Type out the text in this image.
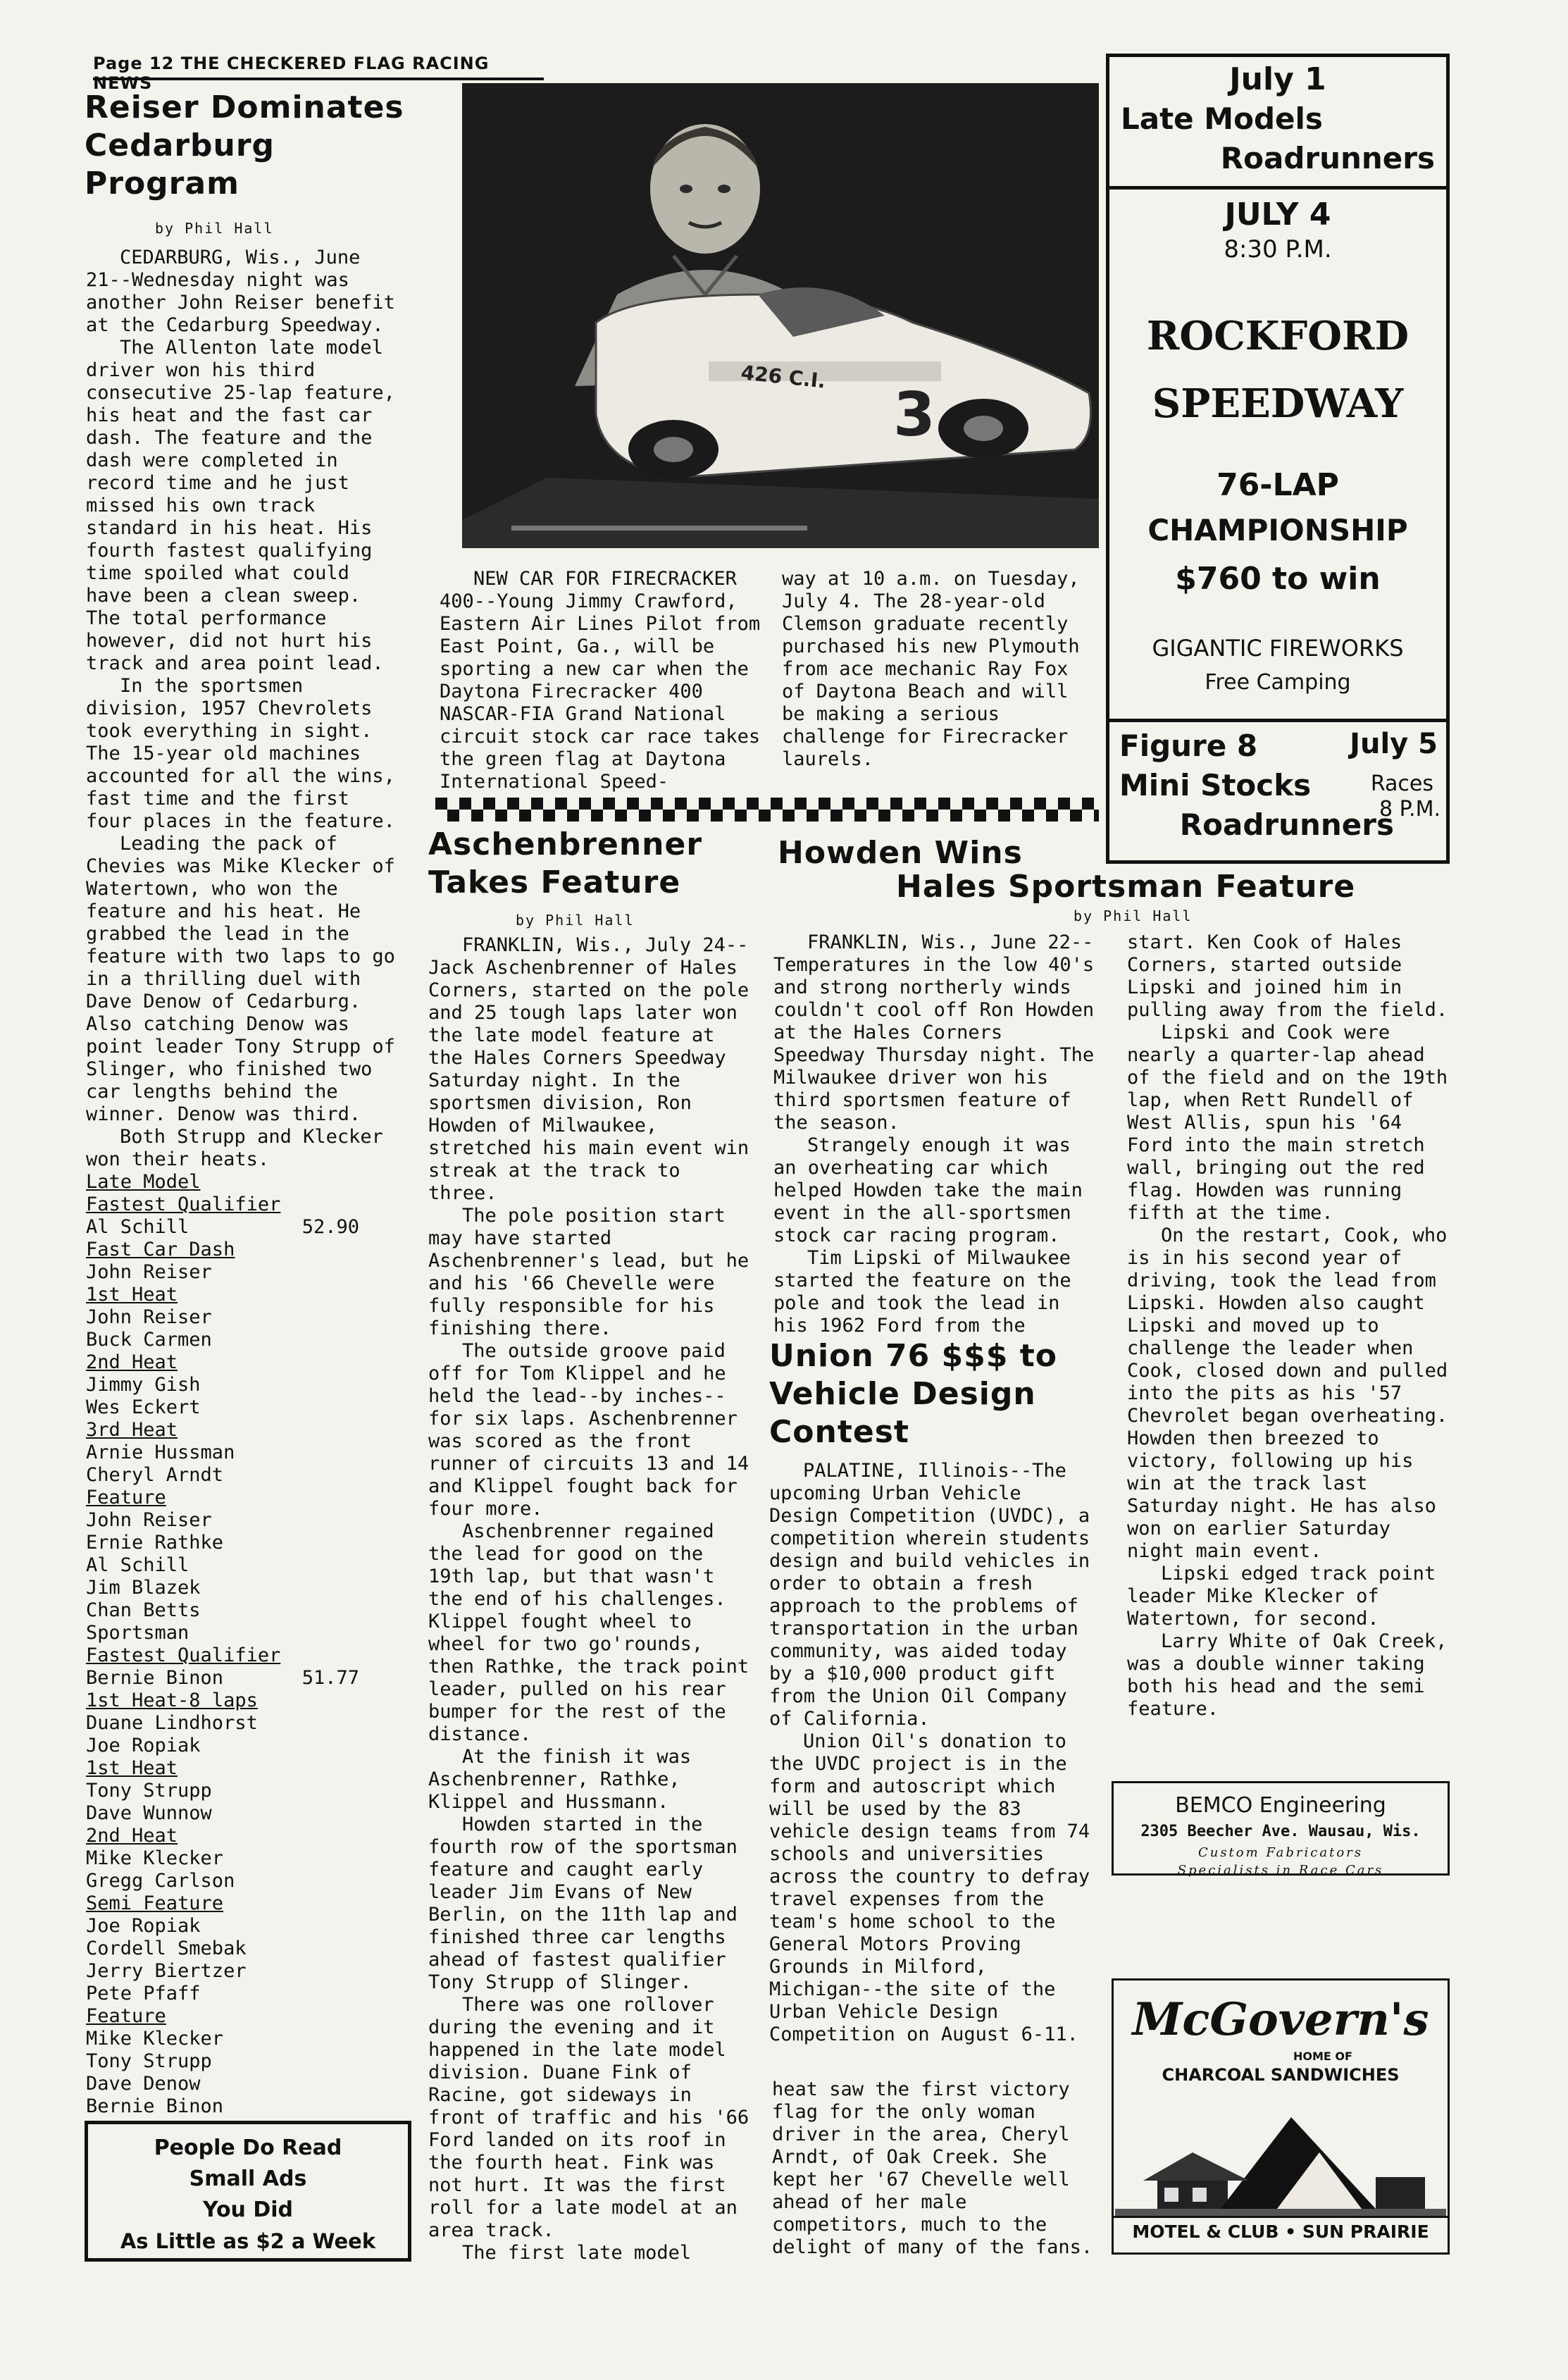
Page 12 THE CHECKERED FLAG RACING NEWS
Reiser Dominates
Cedarburg Program
by Phil Hall

CEDARBURG, Wis., June 21--Wednesday night was another John Reiser benefit at the Cedarburg Speedway.

The Allenton late model driver won his third consecutive 25-lap feature, his heat and the fast car dash. The feature and the dash were completed in record time and he just missed his own track standard in his heat. His fourth fastest qualifying time spoiled what could have been a clean sweep. The total performance however, did not hurt his track and area point lead.

In the sportsmen division, 1957 Chevrolets took everything in sight. The 15-year old machines accounted for all the wins, fast time and the first four places in the feature.

Leading the pack of Chevies was Mike Klecker of Watertown, who won the feature and his heat. He grabbed the lead in the feature with two laps to go in a thrilling duel with Dave Denow of Cedarburg. Also catching Denow was point leader Tony Strupp of Slinger, who finished two car lengths behind the winner. Denow was third.

Both Strupp and Klecker won their heats.

Late Model
Fastest Qualifier
Al Schill	52.90
Fast Car Dash
John Reiser
1st Heat
John Reiser
Buck Carmen
2nd Heat
Jimmy Gish
Wes Eckert
3rd Heat
Arnie Hussman
Cheryl Arndt
Feature
John Reiser
Ernie Rathke
Al Schill
Jim Blazek
Chan Betts
Sportsman
Fastest Qualifier
Bernie Binon	51.77
1st Heat-8 laps
Duane Lindhorst
Joe Ropiak
1st Heat
Tony Strupp
Dave Wunnow
2nd Heat
Mike Klecker
Gregg Carlson
Semi Feature
Joe Ropiak
Cordell Smebak
Jerry Biertzer
Pete Pfaff
Feature
Mike Klecker
Tony Strupp
Dave Denow
Bernie Binon
People Do Read
Small Ads
You Did
As Little as $2 a Week
426 C.I.
3

NEW CAR FOR FIRECRACKER 400--Young Jimmy Crawford, Eastern Air Lines Pilot from East Point, Ga., will be sporting a new car when the Daytona Firecracker 400 NASCAR-FIA Grand National circuit stock car race takes the green flag at Daytona International Speed-

way at 10 a.m. on Tuesday, July 4. The 28-year-old Clemson graduate recently purchased his new Plymouth from ace mechanic Ray Fox of Daytona Beach and will be making a serious challenge for Firecracker laurels.

July 1
Late Models
Roadrunners
JULY 4
8:30 P.M.
ROCKFORD
SPEEDWAY
76-LAP
CHAMPIONSHIP
$760 to win
GIGANTIC FIREWORKS
Free Camping
Figure 8	July 5
Mini Stocks	Races
8 P.M.
Roadrunners
Aschenbrenner
Takes Feature
by Phil Hall

FRANKLIN, Wis., July 24--Jack Aschenbrenner of Hales Corners, started on the pole and 25 tough laps later won the late model feature at the Hales Corners Speedway Saturday night. In the sportsmen division, Ron Howden of Milwaukee, stretched his main event win streak at the track to three.

The pole position start may have started Aschenbrenner's lead, but he and his '66 Chevelle were fully responsible for his finishing there.

The outside groove paid off for Tom Klippel and he held the lead--by inches--for six laps. Aschenbrenner was scored as the front runner of circuits 13 and 14 and Klippel fought back for four more.

Aschenbrenner regained the lead for good on the 19th lap, but that wasn't the end of his challenges. Klippel fought wheel to wheel for two go'rounds, then Rathke, the track point leader, pulled on his rear bumper for the rest of the distance.

At the finish it was Aschenbrenner, Rathke, Klippel and Hussmann.

Howden started in the fourth row of the sportsman feature and caught early leader Jim Evans of New Berlin, on the 11th lap and finished three car lengths ahead of fastest qualifier Tony Strupp of Slinger.

There was one rollover during the evening and it happened in the late model division. Duane Fink of Racine, got sideways in front of traffic and his '66 Ford landed on its roof in the fourth heat. Fink was not hurt. It was the first roll for a late model at an area track.

The first late model

Howden Wins
Hales Sportsman Feature
by Phil Hall

FRANKLIN, Wis., June 22--Temperatures in the low 40's and strong northerly winds couldn't cool off Ron Howden at the Hales Corners Speedway Thursday night. The Milwaukee driver won his third sportsmen feature of the season.

Strangely enough it was an overheating car which helped Howden take the main event in the all-sportsmen stock car racing program.

Tim Lipski of Milwaukee started the feature on the pole and took the lead in his 1962 Ford from the

start. Ken Cook of Hales Corners, started outside Lipski and joined him in pulling away from the field.

Lipski and Cook were nearly a quarter-lap ahead of the field and on the 19th lap, when Rett Rundell of West Allis, spun his '64 Ford into the main stretch wall, bringing out the red flag. Howden was running fifth at the time.

On the restart, Cook, who is in his second year of driving, took the lead from Lipski. Howden also caught Lipski and moved up to challenge the leader when Cook, closed down and pulled into the pits as his '57 Chevrolet began overheating. Howden then breezed to victory, following up his win at the track last Saturday night. He has also won on earlier Saturday night main event.

Lipski edged track point leader Mike Klecker of Watertown, for second.

Larry White of Oak Creek, was a double winner taking both his head and the semi feature.

Union 76 $$$ to
Vehicle Design
Contest

PALATINE, Illinois--The upcoming Urban Vehicle Design Competition (UVDC), a competition wherein students design and build vehicles in order to obtain a fresh approach to the problems of transportation in the urban community, was aided today by a $10,000 product gift from the Union Oil Company of California.

Union Oil's donation to the UVDC project is in the form and autoscript which will be used by the 83 vehicle design teams from 74 schools and universities across the country to defray travel expenses from the team's home school to the General Motors Proving Grounds in Milford, Michigan--the site of the Urban Vehicle Design Competition on August 6-11.

heat saw the first victory flag for the only woman driver in the area, Cheryl Arndt, of Oak Creek. She kept her '67 Chevelle well ahead of her male competitors, much to the delight of many of the fans.

BEMCO Engineering
2305 Beecher Ave. Wausau, Wis.
Custom Fabricators
Specialists in Race Cars
McGovern's
HOME OF
CHARCOAL SANDWICHES
MOTEL & CLUB • SUN PRAIRIE
